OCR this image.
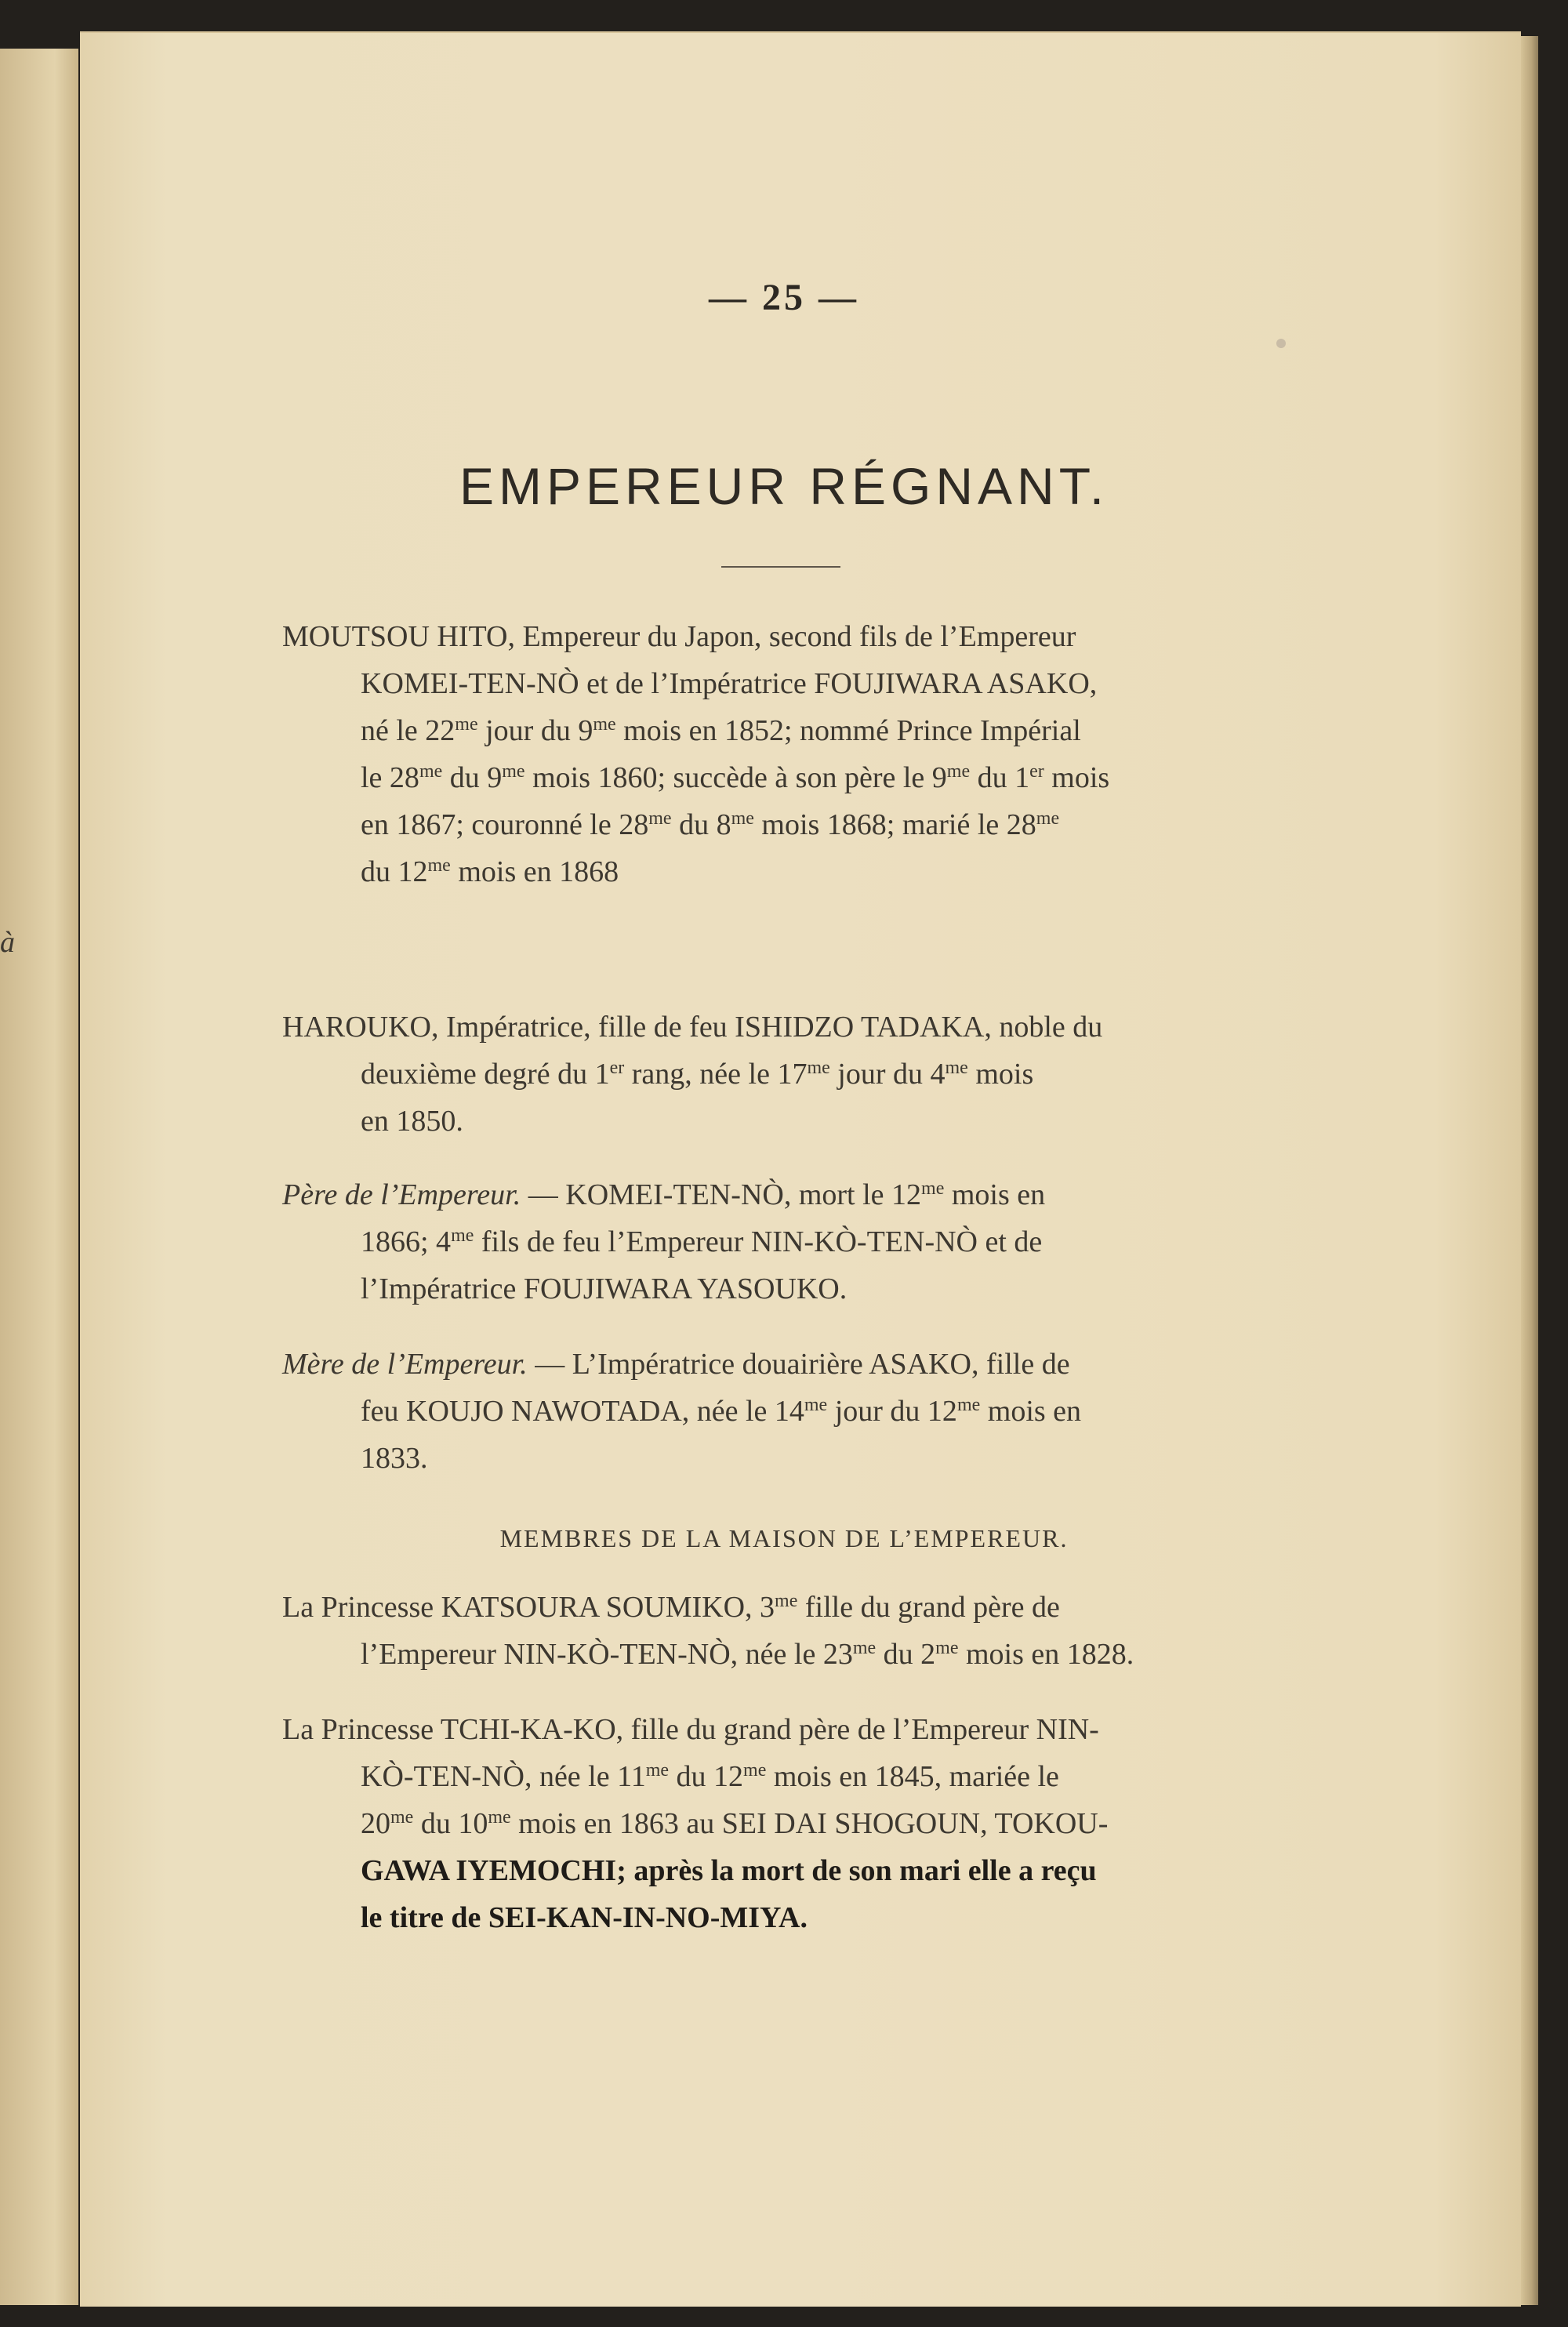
— 25 —
EMPEREUR RÉGNANT.
MOUTSOU HITO, Empereur du Japon, second fils de l’Empereur
KOMEI-TEN-NÒ et de l’Impératrice FOUJIWARA ASAKO,
né le $22^{me}$ jour du $9^{me}$ mois en 1852; nommé Prince Impérial
le $28^{me}$ du $9^{me}$ mois 1860; succède à son père le $9^{me}$ du 1er mois
en 1867; couronné le $28^{me}$ du $8^{me}$ mois 1868; marié le $28^{me}$
du $12^{me}$ mois en 1868
à
HAROUKO, Impératrice, fille de feu ISHIDZO TADAKA, noble du
deuxième degré du 1er rang, née le $17^{me}$ jour du $4^{me}$ mois
en 1850.
Père de l’Empereur. — KOMEI-TEN-NÒ, mort le $12^{me}$ mois en
1866; $4^{me}$ fils de feu l’Empereur NIN-KÒ-TEN-NÒ et de
l’Impératrice FOUJIWARA YASOUKO.
Mère de l’Empereur. — L’Impératrice douairière ASAKO, fille de
feu KOUJO NAWOTADA, née le $14^{me}$ jour du $12^{me}$ mois en
1833.
MEMBRES DE LA MAISON DE L’EMPEREUR.
La Princesse KATSOURA SOUMIKO, $3^{me}$ fille du grand père de
l’Empereur NIN-KÒ-TEN-NÒ, née le $23^{me}$ du $2^{me}$ mois en 1828.
La Princesse TCHI-KA-KO, fille du grand père de l’Empereur NIN-
KÒ-TEN-NÒ, née le $11^{me}$ du $12^{me}$ mois en 1845, mariée le
$20^{me}$ du $10^{me}$ mois en 1863 au SEI DAI SHOGOUN, TOKOU-
GAWA IYEMOCHI; après la mort de son mari elle a reçu
le titre de SEI-KAN-IN-NO-MIYA.
